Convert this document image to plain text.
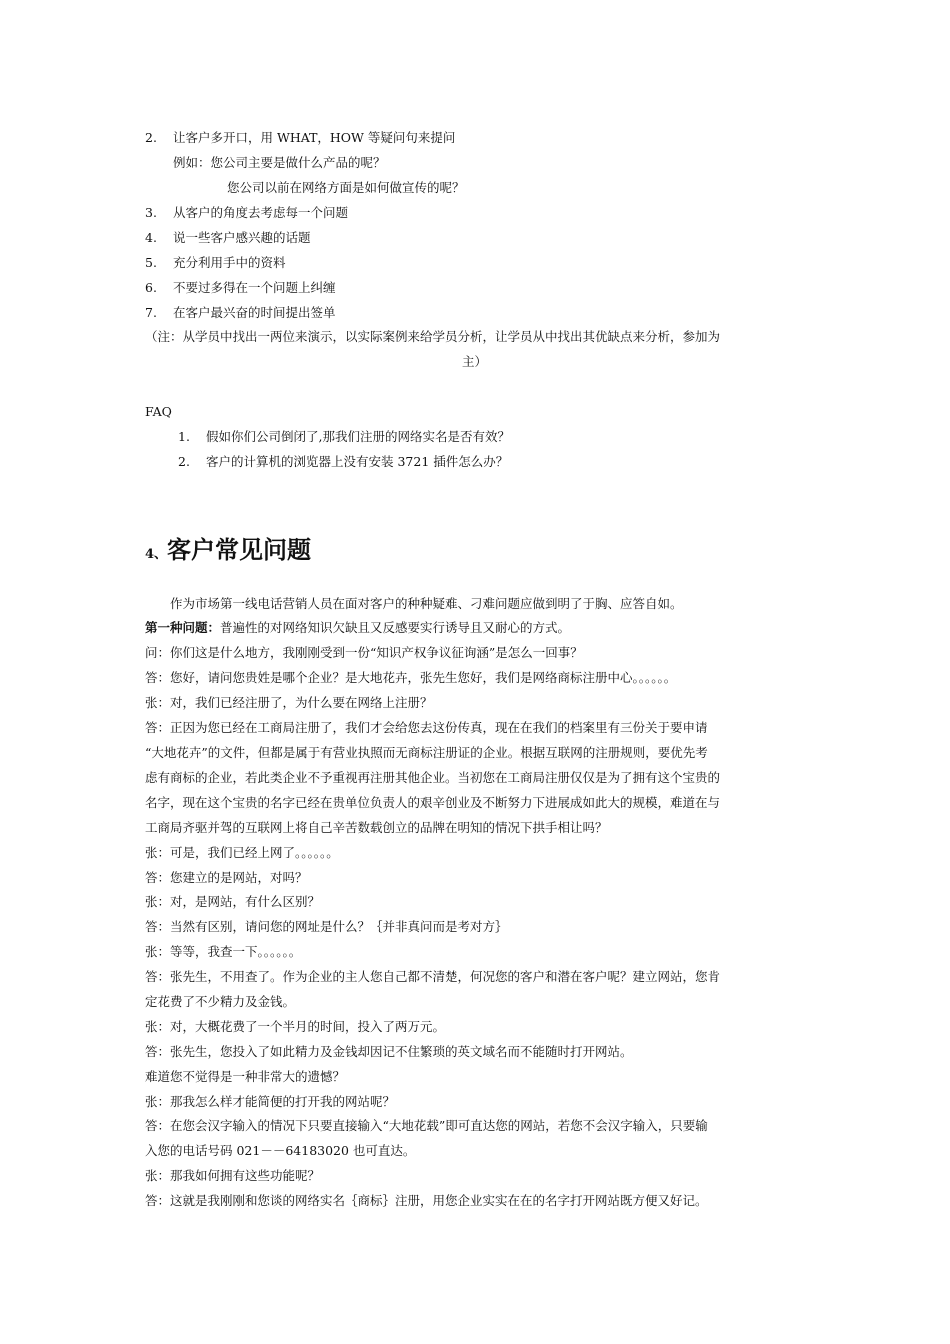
2. 让客户多开口，用 WHAT，HOW 等疑问句来提问
例如：您公司主要是做什么产品的呢？
您公司以前在网络方面是如何做宣传的呢？
3. 从客户的角度去考虑每一个问题
4. 说一些客户感兴趣的话题
5. 充分利用手中的资料
6. 不要过多得在一个问题上纠缠
7. 在客户最兴奋的时间提出签单
（注：从学员中找出一两位来演示，以实际案例来给学员分析，让学员从中找出其优缺点来分析，参加为
主）
FAQ
1. 假如你们公司倒闭了,那我们注册的网络实名是否有效？
2. 客户的计算机的浏览器上没有安装 3721 插件怎么办？
4、客户常见问题
作为市场第一线电话营销人员在面对客户的种种疑难、刁难问题应做到明了于胸、应答自如。
第一种问题：普遍性的对网络知识欠缺且又反感要实行诱导且又耐心的方式。
问：你们这是什么地方，我刚刚受到一份“知识产权争议征询涵”是怎么一回事？
答：您好，请问您贵姓是哪个企业？是大地花卉，张先生您好，我们是网络商标注册中心。。。。。。
张：对，我们已经注册了，为什么要在网络上注册？
答：正因为您已经在工商局注册了，我们才会给您去这份传真，现在在我们的档案里有三份关于要申请
“大地花卉”的文件，但都是属于有营业执照而无商标注册证的企业。根据互联网的注册规则，要优先考
虑有商标的企业，若此类企业不予重视再注册其他企业。当初您在工商局注册仅仅是为了拥有这个宝贵的
名字，现在这个宝贵的名字已经在贵单位负责人的艰辛创业及不断努力下进展成如此大的规模，难道在与
工商局齐驱并驾的互联网上将自己辛苦数载创立的品牌在明知的情况下拱手相让吗？
张：可是，我们已经上网了。。。。。。
答：您建立的是网站，对吗？
张：对，是网站，有什么区别？
答：当然有区别，请问您的网址是什么？｛并非真问而是考对方｝
张：等等，我查一下。。。。。。
答：张先生，不用查了。作为企业的主人您自己都不清楚，何况您的客户和潜在客户呢？建立网站，您肯
定花费了不少精力及金钱。
张：对，大概花费了一个半月的时间，投入了两万元。
答：张先生，您投入了如此精力及金钱却因记不住繁琐的英文域名而不能随时打开网站。
难道您不觉得是一种非常大的遗憾？
张：那我怎么样才能简便的打开我的网站呢？
答：在您会汉字输入的情况下只要直接输入“大地花载”即可直达您的网站，若您不会汉字输入，只要输
入您的电话号码 021－－64183020 也可直达。
张：那我如何拥有这些功能呢？
答：这就是我刚刚和您谈的网络实名｛商标｝注册，用您企业实实在在的名字打开网站既方便又好记。
